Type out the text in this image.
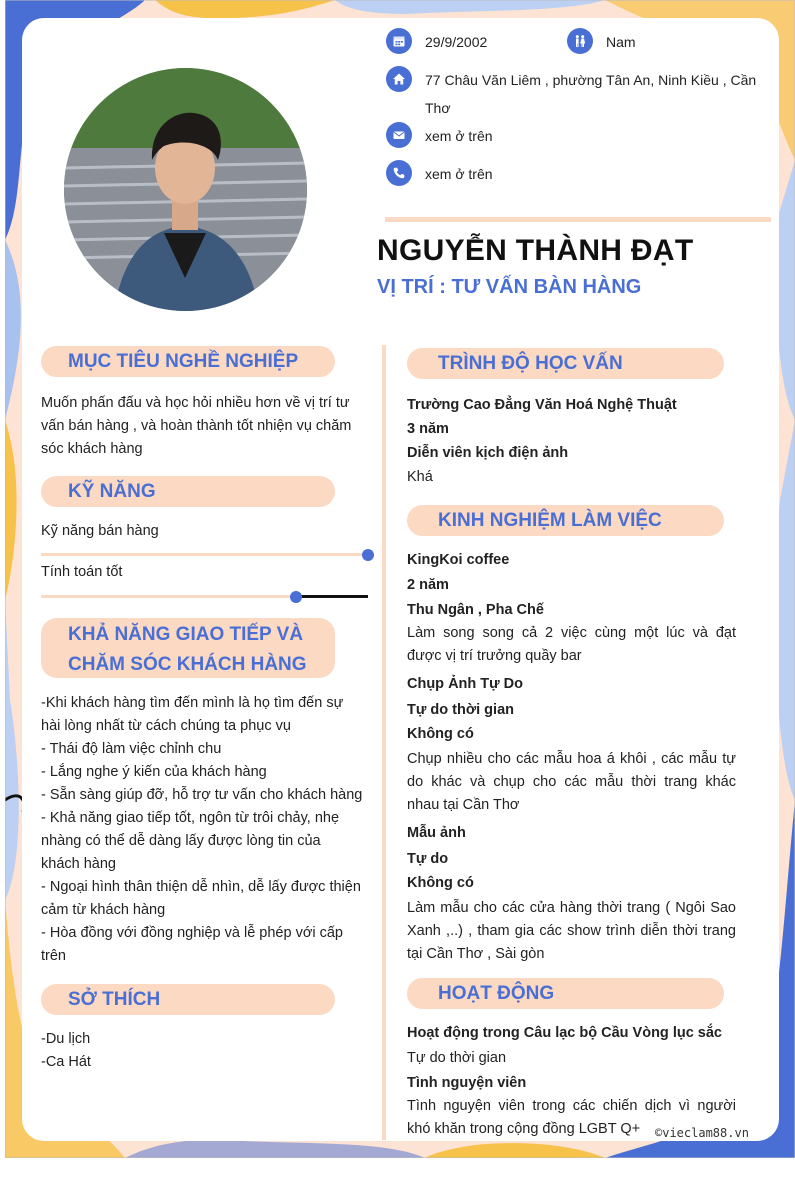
29/9/2002	Nam
77 Châu Văn Liêm , phường Tân An, Ninh Kiều , Cần
Thơ
xem ở trên
xem ở trên
NGUYỄN THÀNH ĐẠT
VỊ TRÍ : TƯ VẤN BÀN HÀNG
MỤC TIÊU NGHỀ NGHIỆP

Muốn phấn đấu và học hỏi nhiều hơn về vị trí tư

vấn bán hàng , và hoàn thành tốt nhiện vụ chăm

sóc khách hàng

KỸ NĂNG
Kỹ năng bán hàng
Tính toán tốt
KHẢ NĂNG GIAO TIẾP VÀ
CHĂM SÓC KHÁCH HÀNG

-Khi khách hàng tìm đến mình là họ tìm đến sự

hài lòng nhất từ cách chúng ta phục vụ

- Thái độ làm việc chỉnh chu

- Lắng nghe ý kiến của khách hàng

- Sẵn sàng giúp đỡ, hỗ trợ tư vấn cho khách hàng

- Khả năng giao tiếp tốt, ngôn từ trôi chảy, nhẹ

nhàng có thể dễ dàng lấy được lòng tin của

khách hàng

- Ngoại hình thân thiện dễ nhìn, dễ lấy được thiện

cảm từ khách hàng

- Hòa đồng với đồng nghiệp và lễ phép với cấp

trên

SỞ THÍCH

-Du lịch

-Ca Hát

TRÌNH ĐỘ HỌC VẤN

Trường Cao Đẳng Văn Hoá Nghệ Thuật

3 năm

Diễn viên kịch điện ảnh

Khá

KINH NGHIỆM LÀM VIỆC

KingKoi coffee

2 năm

Thu Ngân , Pha Chế

Làm song song cả 2 việc cùng một lúc và đạt

được vị trí trưởng quầy bar

Chụp Ảnh Tự Do

Tự do thời gian

Không có

Chụp nhiều cho các mẫu hoa á khôi , các mẫu tự

do khác và chụp cho các mẫu thời trang khác

nhau tại Cần Thơ

Mẫu ảnh

Tự do

Không có

Làm mẫu cho các cửa hàng thời trang ( Ngôi Sao

Xanh ,..) , tham gia các show trình diễn thời trang

tại Cần Thơ , Sài gòn

HOẠT ĐỘNG

Hoạt động trong Câu lạc bộ Cầu Vòng lục sắc

Tự do thời gian

Tình nguyện viên

Tình nguyện viên trong các chiến dịch vì người

khó khăn trong cộng đồng LGBT Q+	©vieclam88.vn
